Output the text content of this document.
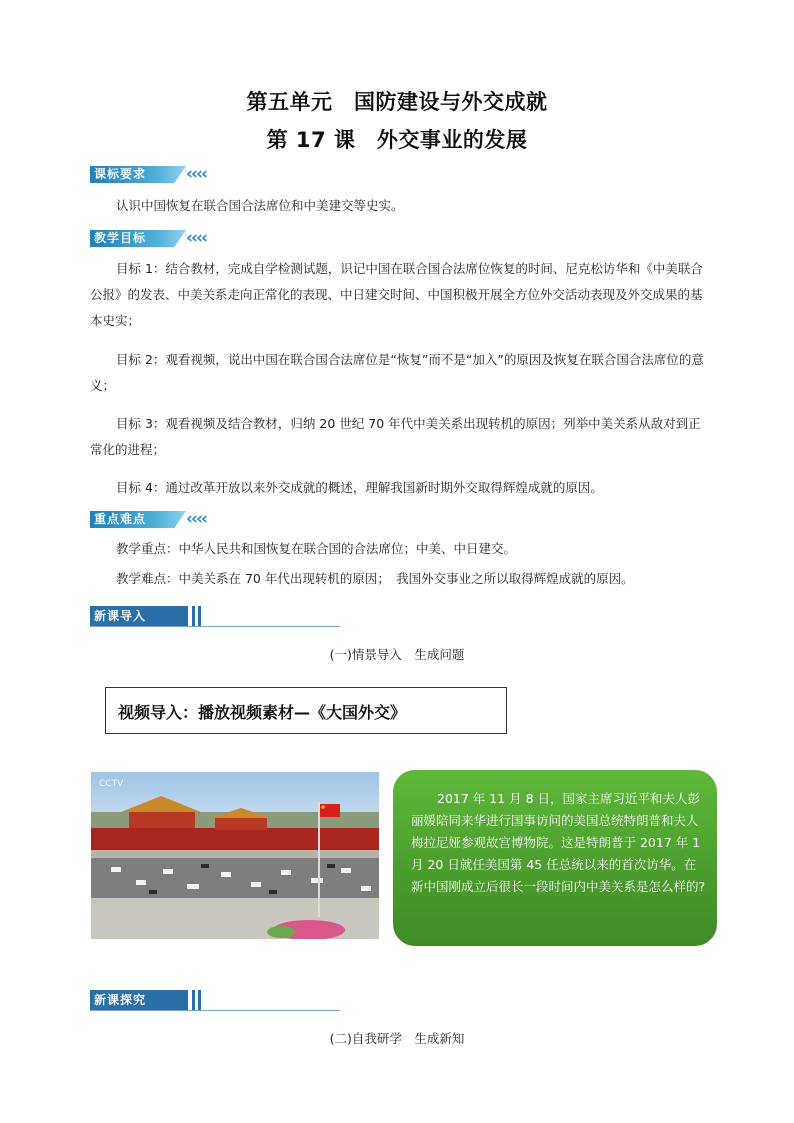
第五单元　国防建设与外交成就
第 17 课　外交事业的发展
课标要求 ‹‹‹‹
认识中国恢复在联合国合法席位和中美建交等史实。
教学目标 ‹‹‹‹
目标 1：结合教材，完成自学检测试题，识记中国在联合国合法席位恢复的时间、尼克松访华和《中美联合公报》的发表、中美关系走向正常化的表现、中日建交时间、中国积极开展全方位外交活动表现及外交成果的基本史实；
目标 2：观看视频，说出中国在联合国合法席位是“恢复”而不是“加入”的原因及恢复在联合国合法席位的意义；
目标 3：观看视频及结合教材，归纳 20 世纪 70 年代中美关系出现转机的原因；列举中美关系从敌对到正常化的进程；
目标 4：通过改革开放以来外交成就的概述，理解我国新时期外交取得辉煌成就的原因。
重点难点 ‹‹‹‹
教学重点：中华人民共和国恢复在联合国的合法席位；中美、中日建交。
教学难点：中美关系在 70 年代出现转机的原因；　我国外交事业之所以取得辉煌成就的原因。
新课导入
(一)情景导入　生成问题
视频导入：播放视频素材—《大国外交》
CCTV

2017 年 11 月 8 日，国家主席习近平和夫人彭丽媛陪同来华进行国事访问的美国总统特朗普和夫人梅拉尼娅参观故宫博物院。这是特朗普于 2017 年 1 月 20 日就任美国第 45 任总统以来的首次访华。在新中国刚成立后很长一段时间内中美关系是怎么样的?

新课探究
(二)自我研学　生成新知
